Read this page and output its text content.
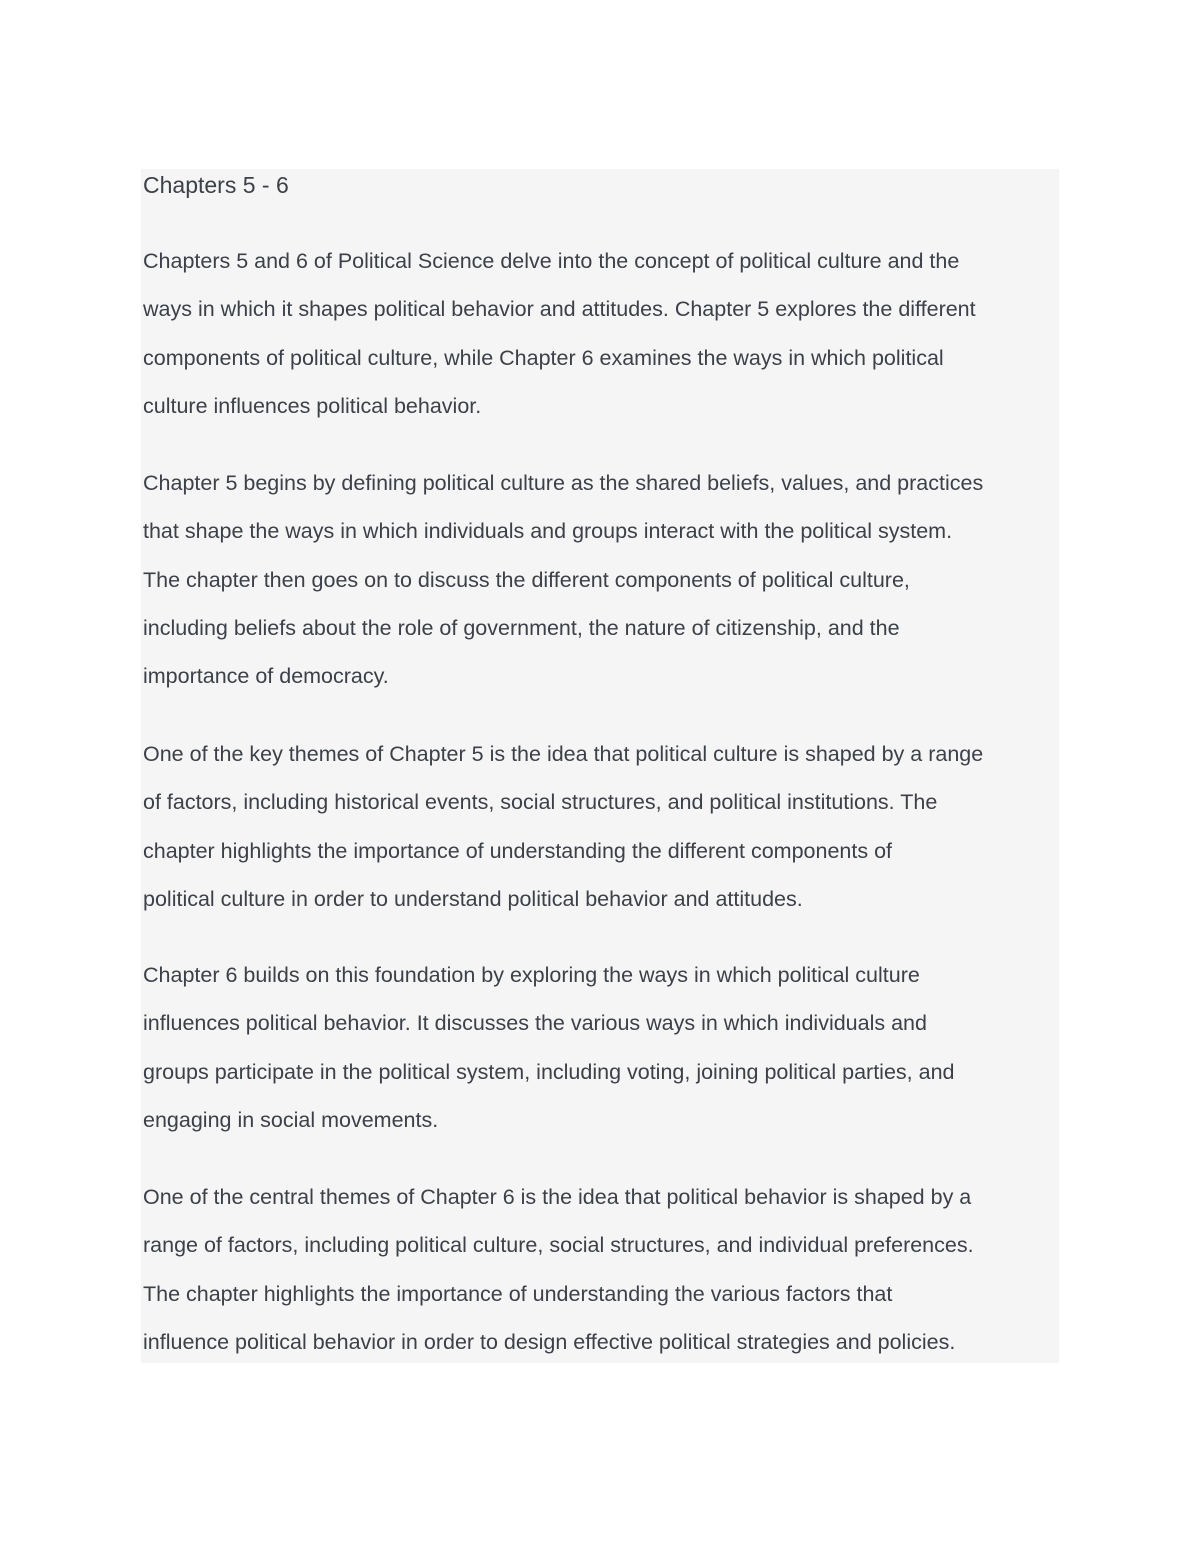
Chapters 5 - 6

Chapters 5 and 6 of Political Science delve into the concept of political culture and the
ways in which it shapes political behavior and attitudes. Chapter 5 explores the different
components of political culture, while Chapter 6 examines the ways in which political
culture influences political behavior.

Chapter 5 begins by defining political culture as the shared beliefs, values, and practices
that shape the ways in which individuals and groups interact with the political system.
The chapter then goes on to discuss the different components of political culture,
including beliefs about the role of government, the nature of citizenship, and the
importance of democracy.

One of the key themes of Chapter 5 is the idea that political culture is shaped by a range
of factors, including historical events, social structures, and political institutions. The
chapter highlights the importance of understanding the different components of
political culture in order to understand political behavior and attitudes.

Chapter 6 builds on this foundation by exploring the ways in which political culture
influences political behavior. It discusses the various ways in which individuals and
groups participate in the political system, including voting, joining political parties, and
engaging in social movements.

One of the central themes of Chapter 6 is the idea that political behavior is shaped by a
range of factors, including political culture, social structures, and individual preferences.
The chapter highlights the importance of understanding the various factors that
influence political behavior in order to design effective political strategies and policies.
